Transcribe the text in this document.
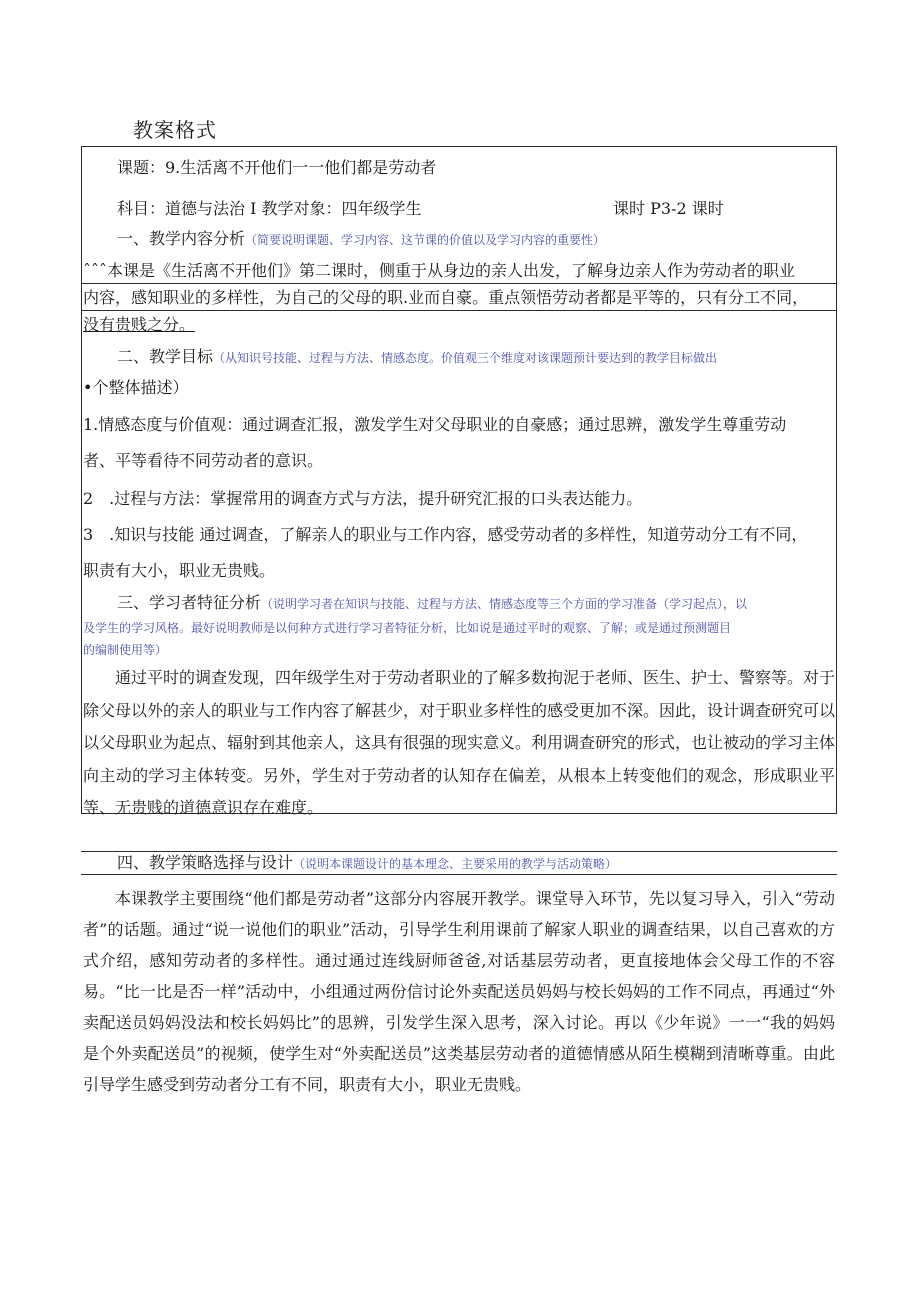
教案格式
课题：9.生活离不开他们一一他们都是劳动者
科目：道德与法治 I 教学对象：四年级学生	课时 P3-2 课时
一、教学内容分析（简要说明课题、学习内容、这节课的价值以及学习内容的重要性）
ˆˆˆ本课是《生活离不开他们》第二课时，侧重于从身边的亲人出发，了解身边亲人作为劳动者的职业
内容，感知职业的多样性，为自己的父母的职.业而自豪。重点领悟劳动者都是平等的，只有分工不同，
没有贵贱之分。
二、教学目标（从知识号技能、过程与方法、情感态度。价值观三个维度对该课题预计要达到的教学目标做出
•个整体描述）
1.情感态度与价值观：通过调查汇报，激发学生对父母职业的自豪感；通过思辨，激发学生尊重劳动
者、平等看待不同劳动者的意识。
2　.过程与方法：掌握常用的调查方式与方法，提升研究汇报的口头表达能力。
3　.知识与技能 通过调查，了解亲人的职业与工作内容，感受劳动者的多样性，知道劳动分工有不同，
职责有大小，职业无贵贱。
三、学习者特征分析（说明学习者在知识与技能、过程与方法、情感态度等三个方面的学习准备（学习起点），以
及学生的学习风格。最好说明教师是以何种方式进行学习者特征分析，比如说是通过平时的观察、了解；或是通过预测题目
的编制使用等）
通过平时的调查发现，四年级学生对于劳动者职业的了解多数拘泥于老师、医生、护士、警察等。对于除父母以外的亲人的职业与工作内容了解甚少，对于职业多样性的感受更加不深。因此，设计调查研究可以以父母职业为起点、辐射到其他亲人，这具有很强的现实意义。利用调查研究的形式，也让被动的学习主体向主动的学习主体转变。另外，学生对于劳动者的认知存在偏差，从根本上转变他们的观念，形成职业平等、无贵贱的道德意识存在难度。
四、教学策略选择与设计（说明本课题设计的基本理念、主要采用的教学与活动策略）
本课教学主要围绕“他们都是劳动者”这部分内容展开教学。课堂导入环节，先以复习导入，引入“劳动者”的话题。通过“说一说他们的职业”活动，引导学生利用课前了解家人职业的调查结果，以自己喜欢的方式介绍，感知劳动者的多样性。通过通过连线厨师爸爸,对话基层劳动者，更直接地体会父母工作的不容易。“比一比是否一样”活动中，小组通过两份信讨论外卖配送员妈妈与校长妈妈的工作不同点，再通过“外卖配送员妈妈没法和校长妈妈比”的思辨，引发学生深入思考，深入讨论。再以《少年说》一一“我的妈妈是个外卖配送员”的视频，使学生对“外卖配送员”这类基层劳动者的道德情感从陌生模糊到清晰尊重。由此引导学生感受到劳动者分工有不同，职责有大小，职业无贵贱。
